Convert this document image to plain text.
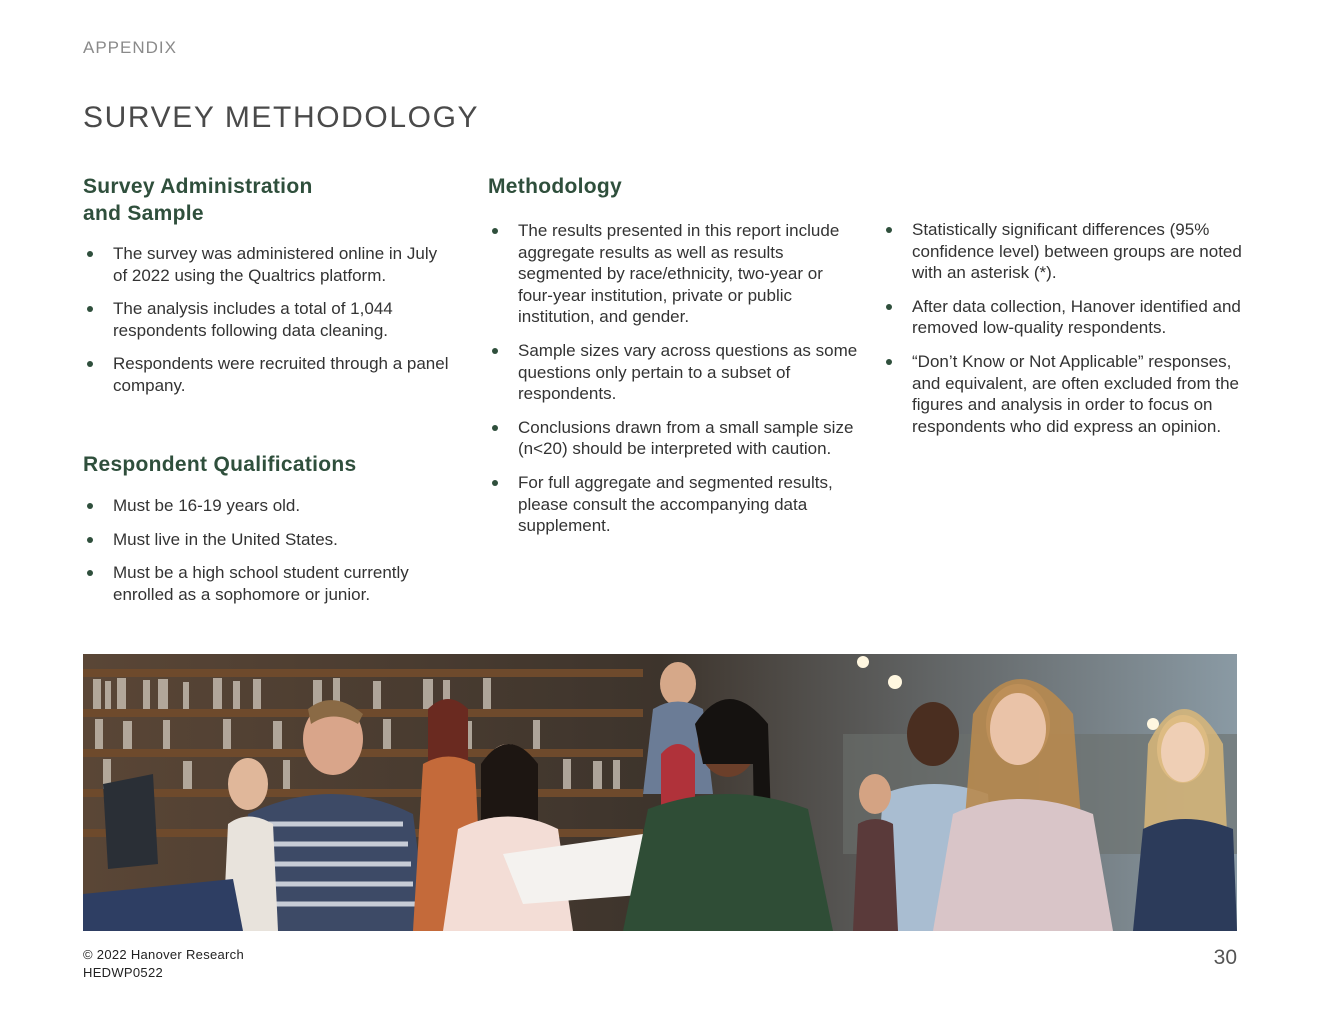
APPENDIX
SURVEY METHODOLOGY
Survey Administration
and Sample
The survey was administered online in July of 2022 using the Qualtrics platform.
The analysis includes a total of 1,044 respondents following data cleaning.
Respondents were recruited through a panel company.
Respondent Qualifications
Must be 16-19 years old.
Must live in the United States.
Must be a high school student currently enrolled as a sophomore or junior.
Methodology
The results presented in this report include aggregate results as well as results segmented by race/ethnicity, two-year or four-year institution, private or public institution, and gender.
Sample sizes vary across questions as some questions only pertain to a subset of respondents.
Conclusions drawn from a small sample size (n<20) should be interpreted with caution.
For full aggregate and segmented results, please consult the accompanying data supplement.
Statistically significant differences (95% confidence level) between groups are noted with an asterisk (*).
After data collection, Hanover identified and removed low-quality respondents.
“Don’t Know or Not Applicable” responses, and equivalent, are often excluded from the figures and analysis in order to focus on respondents who did express an opinion.
© 2022 Hanover Research
HEDWP0522
30
